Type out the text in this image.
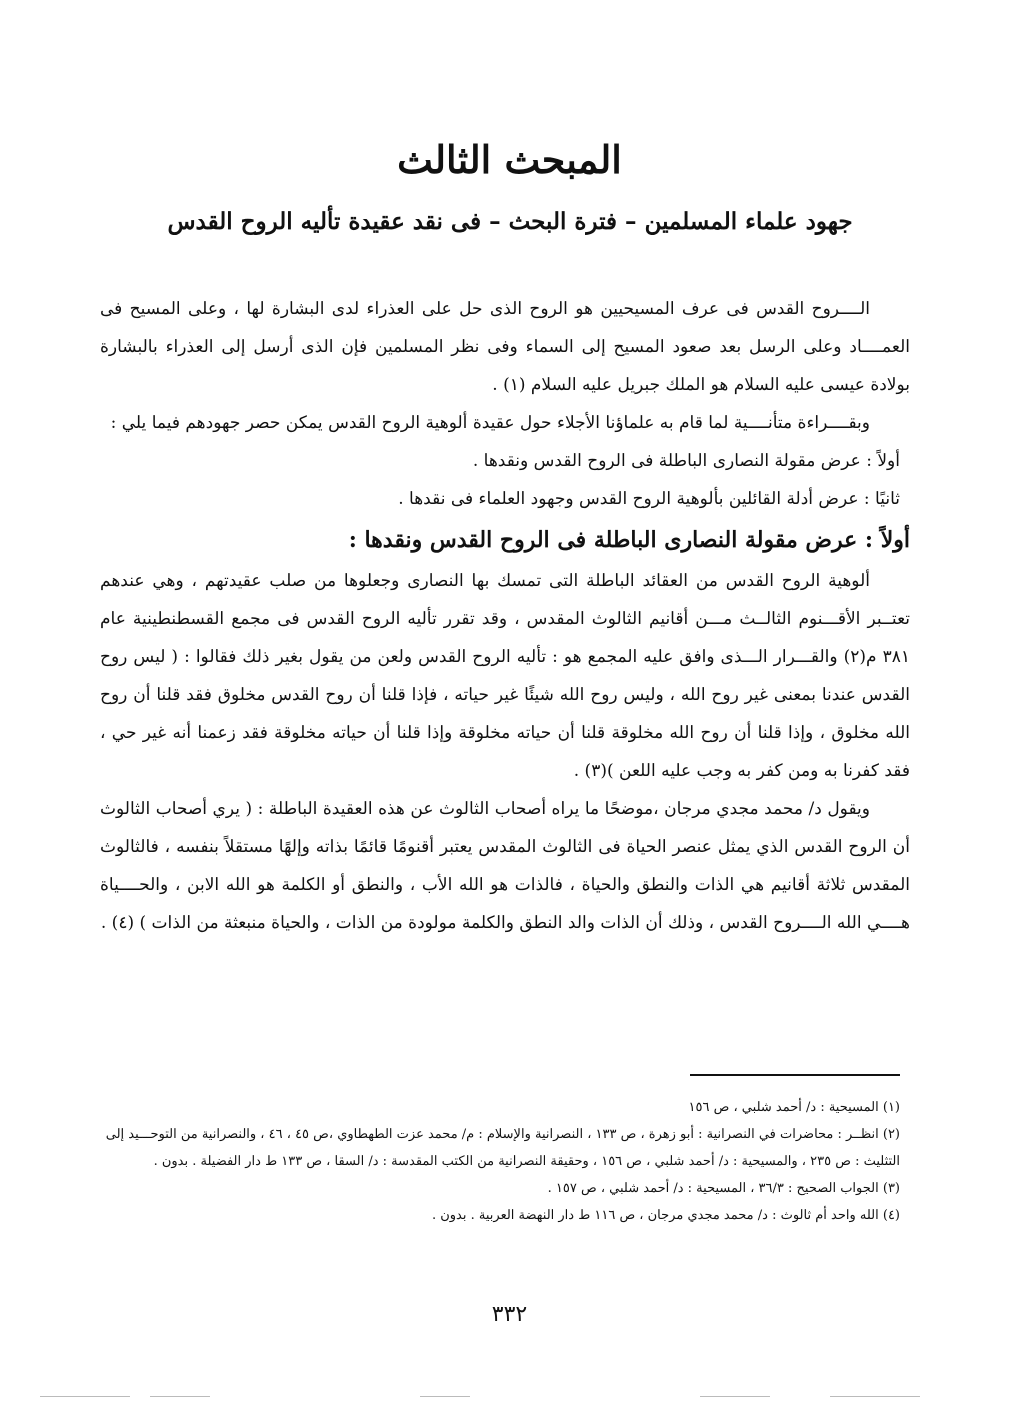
المبحث الثالث
جهود علماء المسلمين – فترة البحث – فى نقد عقيدة تأليه الروح القدس

الــــروح القدس فى عرف المسيحيين هو الروح الذى حل على العذراء لدى البشارة لها ، وعلى المسيح فى العمــــاد وعلى الرسل بعد صعود المسيح إلى السماء وفى نظر المسلمين فإن الذى أرسل إلى العذراء بالبشارة بولادة عيسى عليه السلام هو الملك جبريل عليه السلام (١) .

وبقــــراءة متأنــــية لما قام به علماؤنا الأجلاء حول عقيدة ألوهية الروح القدس يمكن حصر جهودهم فيما يلي :

أولاً : عرض مقولة النصارى الباطلة فى الروح القدس ونقدها .

ثانيًا : عرض أدلة القائلين بألوهية الروح القدس وجهود العلماء فى نقدها .

أولاً : عرض مقولة النصارى الباطلة فى الروح القدس ونقدها :

ألوهية الروح القدس من العقائد الباطلة التى تمسك بها النصارى وجعلوها من صلب عقيدتهم ، وهي عندهم تعتــبر الأقـــنوم الثالــث مـــن أقانيم الثالوث المقدس ، وقد تقرر تأليه الروح القدس فى مجمع القسطنطينية عام ٣٨١ م(٢) والقـــرار الـــذى وافق عليه المجمع هو : تأليه الروح القدس ولعن من يقول بغير ذلك فقالوا : ( ليس روح القدس عندنا بمعنى غير روح الله ، وليس روح الله شيئًا غير حياته ، فإذا قلنا أن روح القدس مخلوق فقد قلنا أن روح الله مخلوق ، وإذا قلنا أن روح الله مخلوقة قلنا أن حياته مخلوقة وإذا قلنا أن حياته مخلوقة فقد زعمنا أنه غير حي ، فقد كفرنا به ومن كفر به وجب عليه اللعن )(٣) .

ويقول د/ محمد مجدي مرجان ،موضحًا ما يراه أصحاب الثالوث عن هذه العقيدة الباطلة : ( يري أصحاب الثالوث أن الروح القدس الذي يمثل عنصر الحياة فى الثالوث المقدس يعتبر أقنومًا قائمًا بذاته وإلهًا مستقلاً بنفسه ، فالثالوث المقدس ثلاثة أقانيم هي الذات والنطق والحياة ، فالذات هو الله الأب ، والنطق أو الكلمة هو الله الابن ، والحــــياة هــــي الله الــــروح القدس ، وذلك أن الذات والد النطق والكلمة مولودة من الذات ، والحياة منبعثة من الذات ) (٤) .

(١) المسيحية : د/ أحمد شلبي ، ص ١٥٦

(٢) انظــر : محاضرات في النصرانية : أبو زهرة ، ص ١٣٣ ، النصرانية والإسلام : م/ محمد عزت الطهطاوي ،ص ٤٥ ، ٤٦ ، والنصرانية من التوحـــيد إلى التثليث : ص ٢٣٥ ، والمسيحية : د/ أحمد شلبي ، ص ١٥٦ ، وحقيقة النصرانية من الكتب المقدسة : د/ السقا ، ص ١٣٣ ط دار الفضيلة . بدون .

(٣) الجواب الصحيح : ٣٦/٣ ، المسيحية : د/ أحمد شلبي ، ص ١٥٧ .

(٤) الله واحد أم ثالوث : د/ محمد مجدي مرجان ، ص ١١٦ ط دار النهضة العربية . بدون .

٣٣٢
